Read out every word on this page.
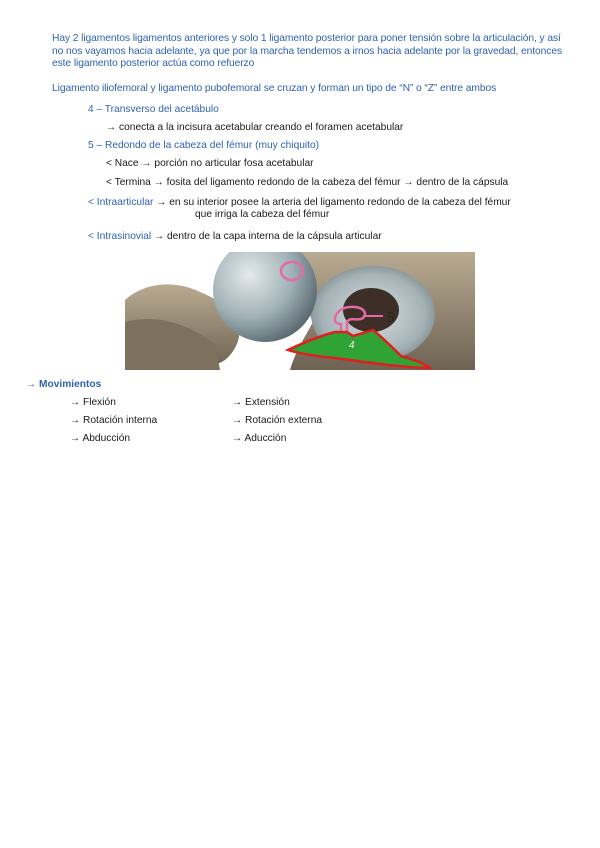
Hay 2 ligamentos ligamentos anteriores y solo 1 ligamento posterior para poner tensión sobre la articulación, y así no nos vayamos hacia adelante, ya que por la marcha tendemos a irnos hacia adelante por la gravedad, entonces este ligamento posterior actúa como refuerzo
Ligamento iliofemoral y ligamento pubofemoral se cruzan y forman un tipo de “N” o “Z” entre ambos
4 – Transverso del acetábulo
→ conecta a la incisura acetabular creando el foramen acetabular
5 – Redondo de la cabeza del fémur (muy chiquito)
< Nace → porción no articular fosa acetabular
< Termina → fosita del ligamento redondo de la cabeza del fémur → dentro de la cápsula
< Intraarticular → en su interior posee la arteria del ligamento redondo de la cabeza del fémur
que irriga la cabeza del fémur
< Intrasinovial → dentro de la capa interna de la cápsula articular
5
4
→ Movimientos
→ Flexión
→ Rotación interna
→ Abducción
→ Extensión
→ Rotación externa
→ Aducción
